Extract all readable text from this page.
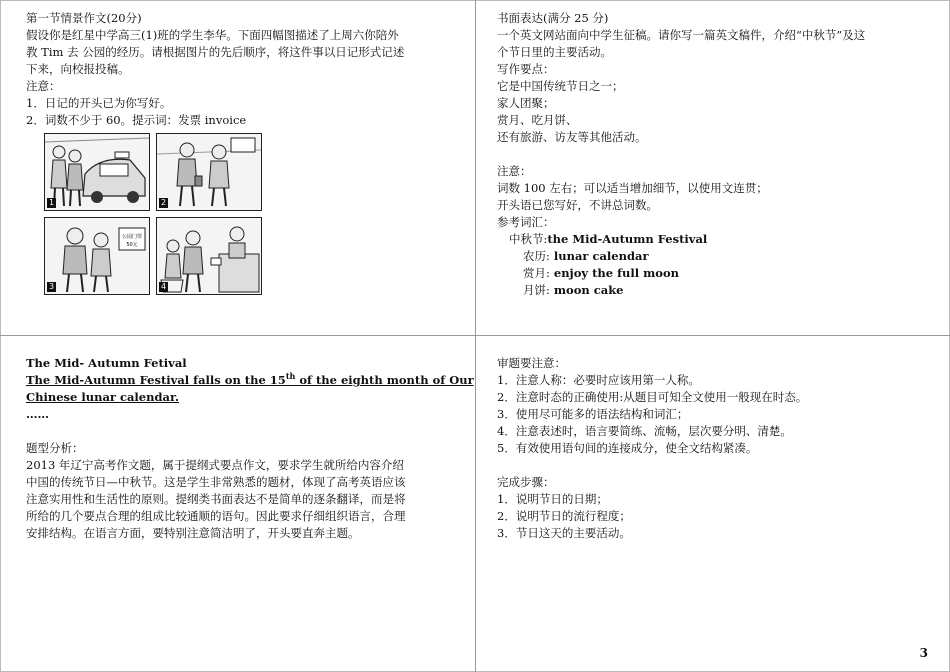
第一节情景作文(20分)
假设你是红星中学高三(1)班的学生李华。下面四幅图描述了上周六你陪外
教 Tim 去 公园的经历。请根据图片的先后顺序，将这件事以日记形式记述
下来，向校报投稿。
注意：
1．日记的开头已为你写好。
2．词数不少于 60。提示词：发票 invoice
1	2
公园门票
50元
3	4
书面表达(满分 25 分)
一个英文网站面向中学生征稿。请你写一篇英文稿件，介绍“中秋节”及这
个节日里的主要活动。
写作要点：
它是中国传统节日之一；
家人团聚；
赏月、吃月饼、
还有旅游、访友等其他活动。
注意：
词数 100 左右；可以适当增加细节，以使用文连贯；
开头语已您写好，不讲总词数。
参考词汇：
中秋节:the Mid-Autumn Festival
农历: lunar calendar
赏月: enjoy the full moon
月饼: moon cake
The Mid- Autumn Fetival
The Mid-Autumn Festival falls on the 15th of the eighth month of Our
Chinese lunar calendar.
……
题型分析：
2013 年辽宁高考作文题，属于提纲式要点作文，要求学生就所给内容介绍
中国的传统节日—中秋节。这是学生非常熟悉的题材，体现了高考英语应该
注意实用性和生活性的原则。提纲类书面表达不是简单的逐条翻译，而是将
所给的几个要点合理的组成比较通顺的语句。因此要求仔细组织语言，合理
安排结构。在语言方面，要特别注意简洁明了，开头要直奔主题。
审题要注意：
1．注意人称：必要时应该用第一人称。
2．注意时态的正确使用:从题目可知全文使用一般现在时态。
3．使用尽可能多的语法结构和词汇；
4．注意表述时，语言要简练、流畅，层次要分明、清楚。
5．有效使用语句间的连接成分，使全文结构紧凑。
完成步骤：
1．说明节日的日期；
2．说明节日的流行程度；
3．节日这天的主要活动。
3
